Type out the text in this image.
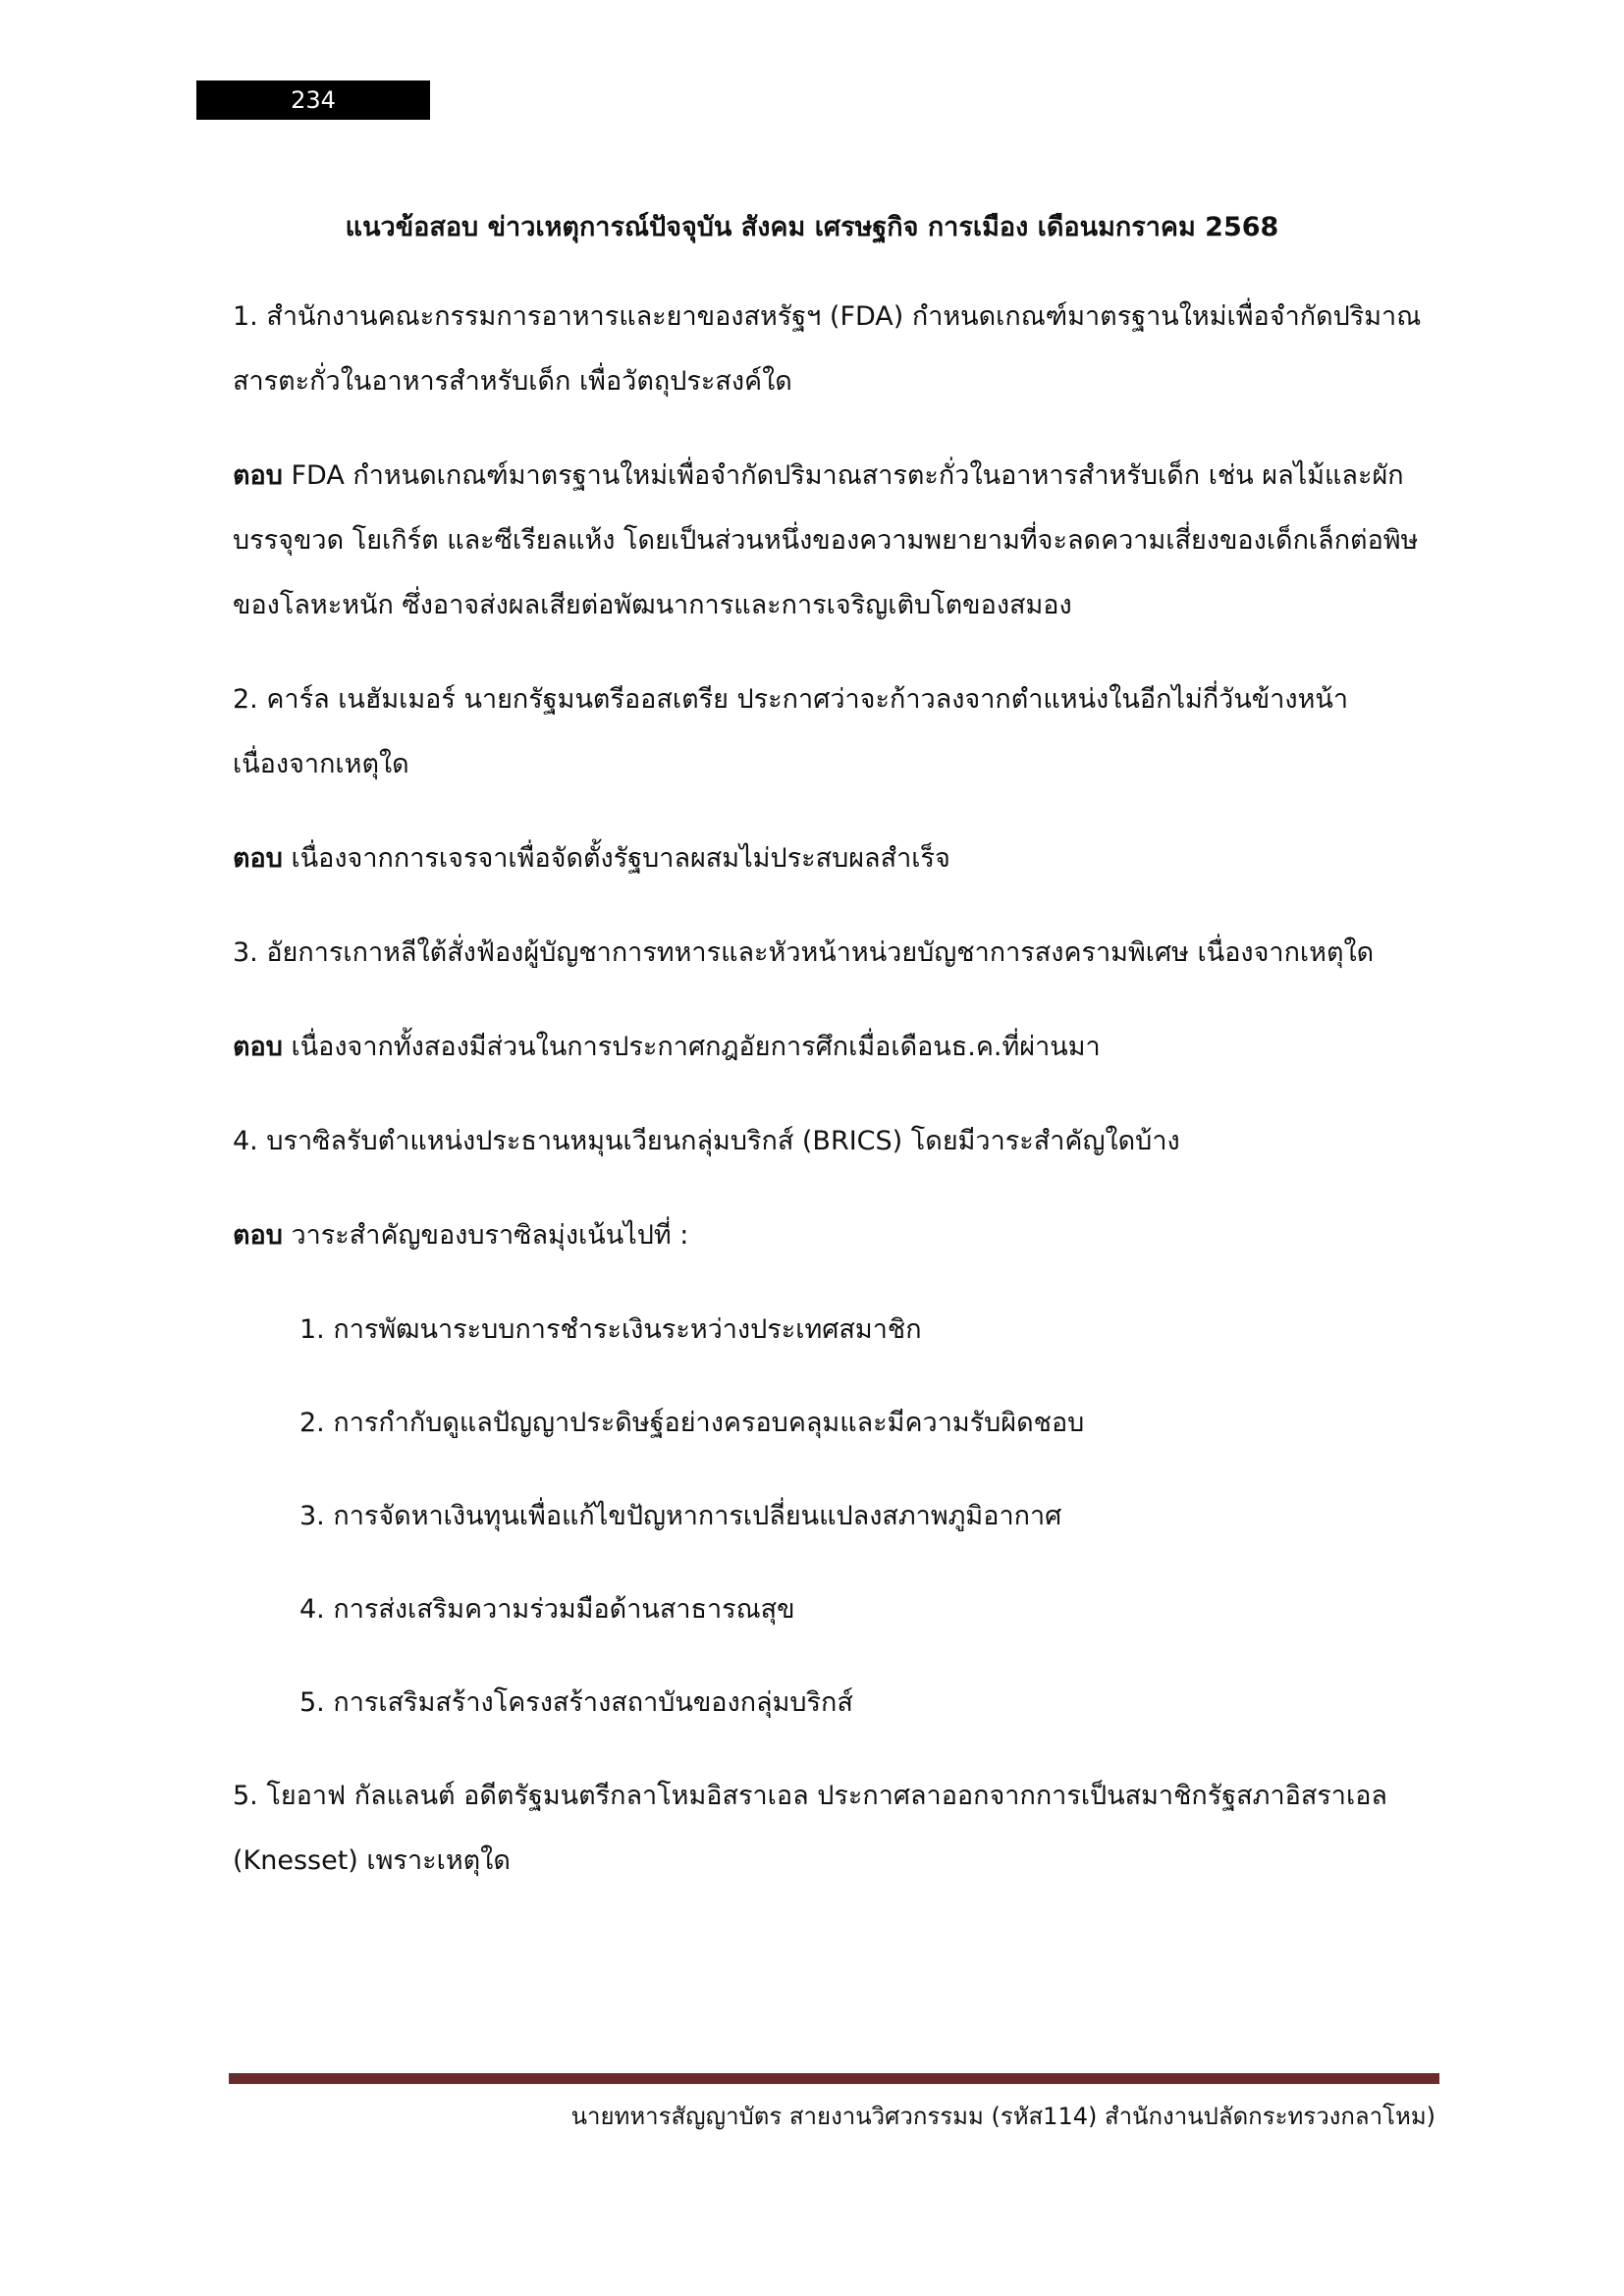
234
แนวข้อสอบ ข่าวเหตุการณ์ปัจจุบัน สังคม เศรษฐกิจ การเมือง เดือนมกราคม 2568

1. สำนักงานคณะกรรมการอาหารและยาของสหรัฐฯ (FDA) กำหนดเกณฑ์มาตรฐานใหม่เพื่อจำกัดปริมาณสารตะกั่วในอาหารสำหรับเด็ก เพื่อวัตถุประสงค์ใด

ตอบ FDA กำหนดเกณฑ์มาตรฐานใหม่เพื่อจำกัดปริมาณสารตะกั่วในอาหารสำหรับเด็ก เช่น ผลไม้และผักบรรจุขวด โยเกิร์ต และซีเรียลแห้ง โดยเป็นส่วนหนึ่งของความพยายามที่จะลดความเสี่ยงของเด็กเล็กต่อพิษของโลหะหนัก ซึ่งอาจส่งผลเสียต่อพัฒนาการและการเจริญเติบโตของสมอง

2. คาร์ล เนฮัมเมอร์ นายกรัฐมนตรีออสเตรีย ประกาศว่าจะก้าวลงจากตำแหน่งในอีกไม่กี่วันข้างหน้าเนื่องจากเหตุใด

ตอบ เนื่องจากการเจรจาเพื่อจัดตั้งรัฐบาลผสมไม่ประสบผลสำเร็จ

3. อัยการเกาหลีใต้สั่งฟ้องผู้บัญชาการทหารและหัวหน้าหน่วยบัญชาการสงครามพิเศษ เนื่องจากเหตุใด

ตอบ เนื่องจากทั้งสองมีส่วนในการประกาศกฎอัยการศึกเมื่อเดือนธ.ค.ที่ผ่านมา

4. บราซิลรับตำแหน่งประธานหมุนเวียนกลุ่มบริกส์ (BRICS) โดยมีวาระสำคัญใดบ้าง

ตอบ วาระสำคัญของบราซิลมุ่งเน้นไปที่ :

1. การพัฒนาระบบการชำระเงินระหว่างประเทศสมาชิก
2. การกำกับดูแลปัญญาประดิษฐ์อย่างครอบคลุมและมีความรับผิดชอบ
3. การจัดหาเงินทุนเพื่อแก้ไขปัญหาการเปลี่ยนแปลงสภาพภูมิอากาศ
4. การส่งเสริมความร่วมมือด้านสาธารณสุข
5. การเสริมสร้างโครงสร้างสถาบันของกลุ่มบริกส์

5. โยอาฟ กัลแลนต์ อดีตรัฐมนตรีกลาโหมอิสราเอล ประกาศลาออกจากการเป็นสมาชิกรัฐสภาอิสราเอล (Knesset) เพราะเหตุใด

นายทหารสัญญาบัตร สายงานวิศวกรรมม (รหัส114) สำนักงานปลัดกระทรวงกลาโหม)
